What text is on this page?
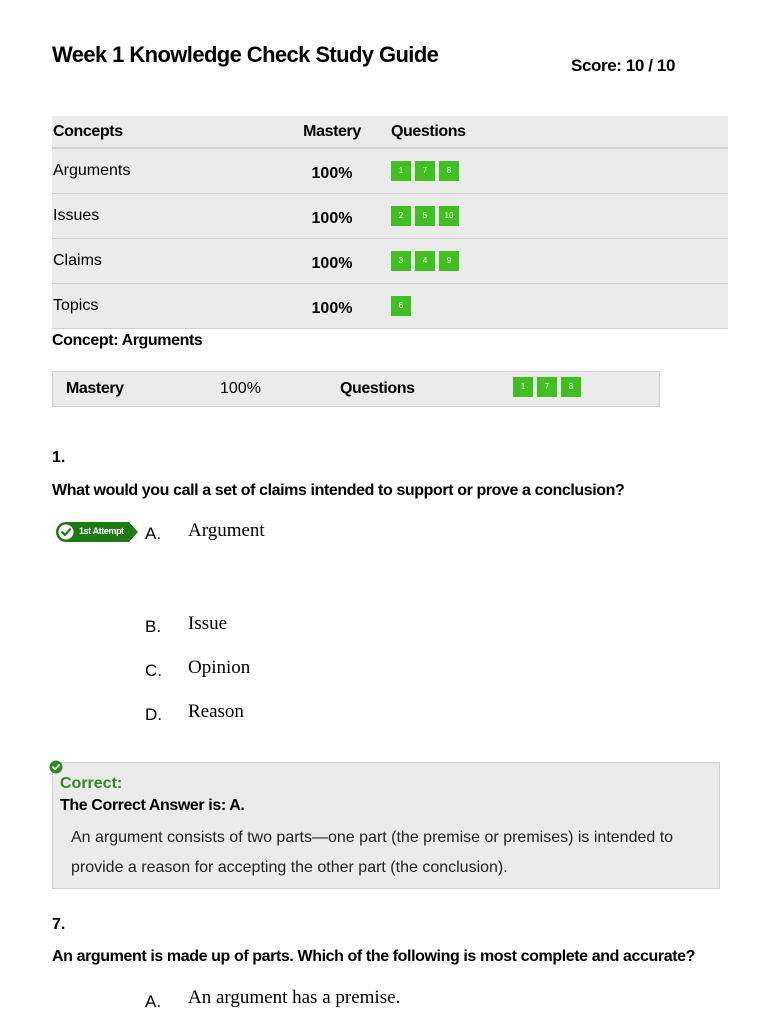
Week 1 Knowledge Check Study Guide	Score: 10 / 10
Concepts	Mastery	Questions
Arguments	100%	1 7 8
Issues	100%	2 5 10
Claims	100%	3 4 9
Topics	100%	6
Concept: Arguments
Mastery	100%	Questions	1 7 8
1.
What would you call a set of claims intended to support or prove a conclusion?
1st Attempt A. Argument
B. Issue
C. Opinion
D. Reason
Correct:
The Correct Answer is: A.
An argument consists of two parts—one part (the premise or premises) is intended to provide a reason for accepting the other part (the conclusion).
7.
An argument is made up of parts. Which of the following is most complete and accurate?
A. An argument has a premise.
